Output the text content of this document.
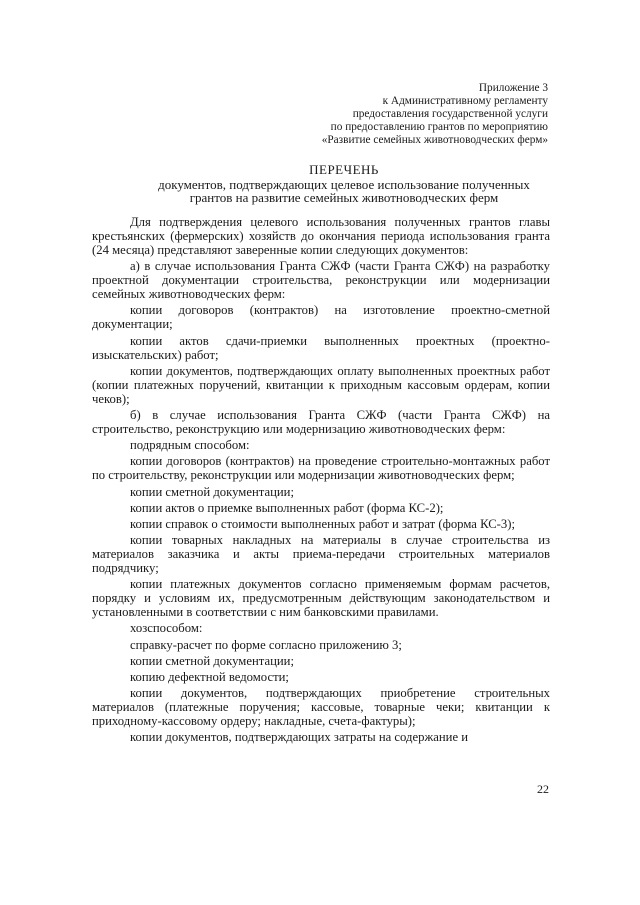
Приложение 3
к Административному регламенту
предоставления государственной услуги
по предоставлению грантов по мероприятию
«Развитие семейных животноводческих ферм»
ПЕРЕЧЕНЬ
документов, подтверждающих целевое использование полученных
грантов на развитие семейных животноводческих ферм

Для подтверждения целевого использования полученных грантов главы крестьянских (фермерских) хозяйств до окончания периода использования гранта (24 месяца) представляют заверенные копии следующих документов:

а) в случае использования Гранта СЖФ (части Гранта СЖФ) на разработку проектной документации строительства, реконструкции или модернизации семейных животноводческих ферм:

копии договоров (контрактов) на изготовление проектно-сметной документации;

копии актов сдачи-приемки выполненных проектных (проектно-изыскательских) работ;

копии документов, подтверждающих оплату выполненных проектных работ (копии платежных поручений, квитанции к приходным кассовым ордерам, копии чеков);

б) в случае использования Гранта СЖФ (части Гранта СЖФ) на строительство, реконструкцию или модернизацию животноводческих ферм:

подрядным способом:

копии договоров (контрактов) на проведение строительно-монтажных работ по строительству, реконструкции или модернизации животноводческих ферм;

копии сметной документации;

копии актов о приемке выполненных работ (форма КС-2);

копии справок о стоимости выполненных работ и затрат (форма КС-3);

копии товарных накладных на материалы в случае строительства из материалов заказчика и акты приема-передачи строительных материалов подрядчику;

копии платежных документов согласно применяемым формам расчетов, порядку и условиям их, предусмотренным действующим законодательством и установленными в соответствии с ним банковскими правилами.

хозспособом:

справку-расчет по форме согласно приложению 3;

копии сметной документации;

копию дефектной ведомости;

копии документов, подтверждающих приобретение строительных материалов (платежные поручения; кассовые, товарные чеки; квитанции к приходному-кассовому ордеру; накладные, счета-фактуры);

копии документов, подтверждающих затраты на содержание и

22
